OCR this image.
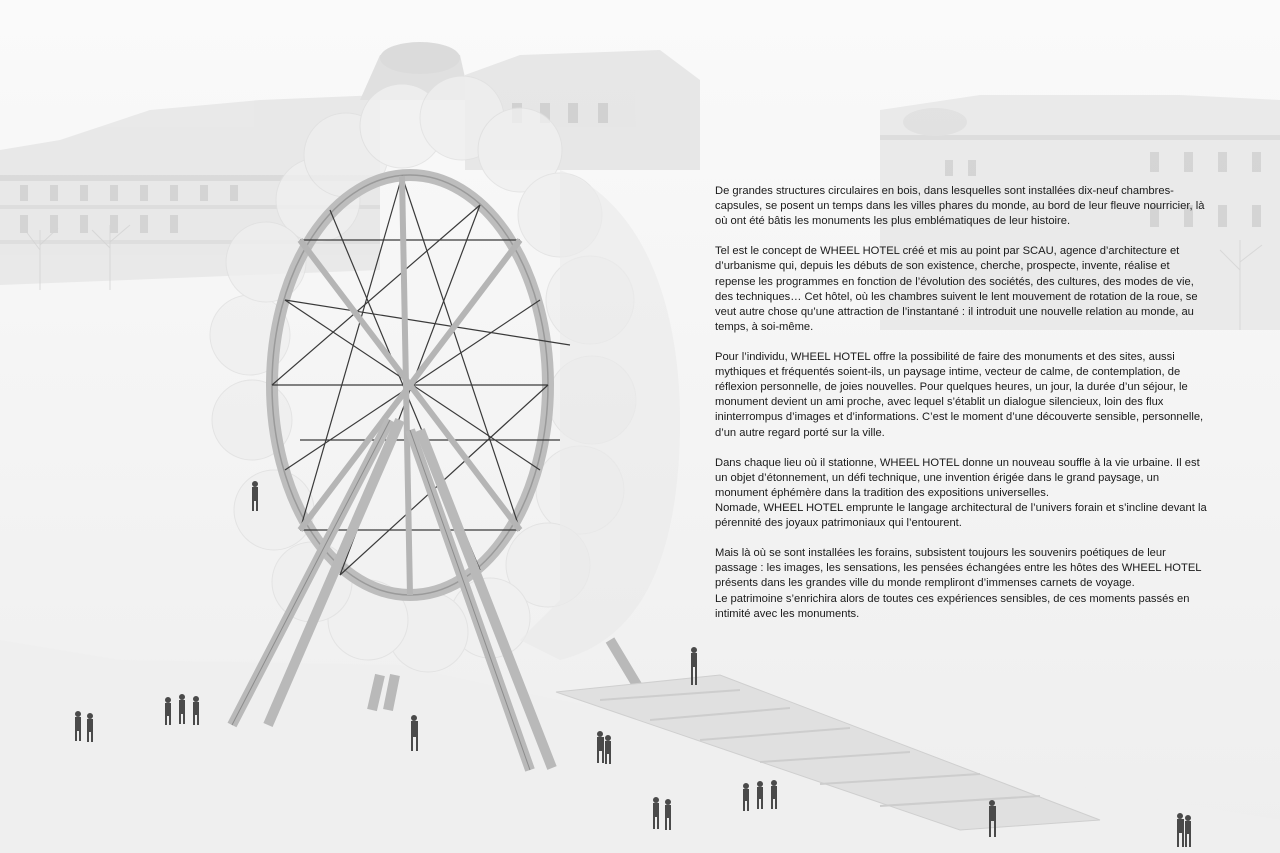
De grandes structures circulaires en bois, dans lesquelles sont installées dix-neuf chambres-capsules, se posent un temps dans les villes phares du monde, au bord de leur fleuve nourricier, là où ont été bâtis les monuments les plus emblématiques de leur histoire.

Tel est le concept de WHEEL HOTEL créé et mis au point par SCAU, agence d’architecture et d’urbanisme qui, depuis les débuts de son existence, cherche, prospecte, invente, réalise et repense les programmes en fonction de l’évolution des sociétés, des cultures, des modes de vie, des techniques… Cet hôtel, où les chambres suivent le lent mouvement de rotation de la roue, se veut autre chose qu’une attraction de l’instantané : il introduit une nouvelle relation au monde, au temps, à soi-même.

Pour l’individu, WHEEL HOTEL offre la possibilité de faire des monuments et des sites, aussi mythiques et fréquentés soient-ils, un paysage intime, vecteur de calme, de contemplation, de réflexion personnelle, de joies nouvelles. Pour quelques heures, un jour, la durée d’un séjour, le monument devient un ami proche, avec lequel s’établit un dialogue silencieux, loin des flux ininterrompus d’images et d’informations. C’est le moment d’une découverte sensible, personnelle, d’un autre regard porté sur la ville.

Dans chaque lieu où il stationne, WHEEL HOTEL donne un nouveau souffle à la vie urbaine. Il est un objet d’étonnement, un défi technique, une invention érigée dans le grand paysage, un monument éphémère dans la tradition des expositions universelles.

Nomade, WHEEL HOTEL emprunte le langage architectural de l’univers forain et s’incline devant la pérennité des joyaux patrimoniaux qui l’entourent.

Mais là où se sont installées les forains, subsistent toujours les souvenirs poétiques de leur passage : les images, les sensations, les pensées échangées entre les hôtes des WHEEL HOTEL présents dans les grandes ville du monde rempliront d’immenses carnets de voyage.

Le patrimoine s’enrichira alors de toutes ces expériences sensibles, de ces moments passés en intimité avec les monuments.
